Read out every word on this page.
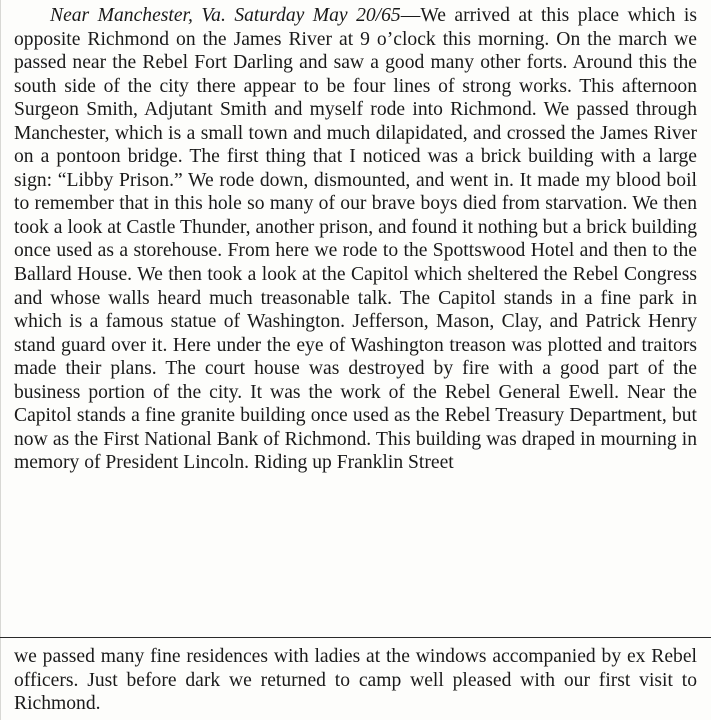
Near Manchester, Va. Saturday May 20/65—We arrived at this place which is opposite Richmond on the James River at 9 o’clock this morning. On the march we passed near the Rebel Fort Darling and saw a good many other forts. Around this the south side of the city there appear to be four lines of strong works. This afternoon Surgeon Smith, Adjutant Smith and myself rode into Richmond. We passed through Manchester, which is a small town and much dilapidated, and crossed the James River on a pontoon bridge. The first thing that I noticed was a brick building with a large sign: “Libby Prison.” We rode down, dismounted, and went in. It made my blood boil to remember that in this hole so many of our brave boys died from starvation. We then took a look at Castle Thunder, another prison, and found it nothing but a brick building once used as a storehouse. From here we rode to the Spottswood Hotel and then to the Ballard House. We then took a look at the Capitol which sheltered the Rebel Congress and whose walls heard much treasonable talk. The Capitol stands in a fine park in which is a famous statue of Washington. Jefferson, Mason, Clay, and Patrick Henry stand guard over it. Here under the eye of Washington treason was plotted and traitors made their plans. The court house was destroyed by fire with a good part of the business portion of the city. It was the work of the Rebel General Ewell. Near the Capitol stands a fine granite building once used as the Rebel Treasury Department, but now as the First National Bank of Richmond. This building was draped in mourning in memory of President Lincoln. Riding up Franklin Street

we passed many fine residences with ladies at the windows accompanied by ex Rebel officers. Just before dark we returned to camp well pleased with our first visit to Richmond.
